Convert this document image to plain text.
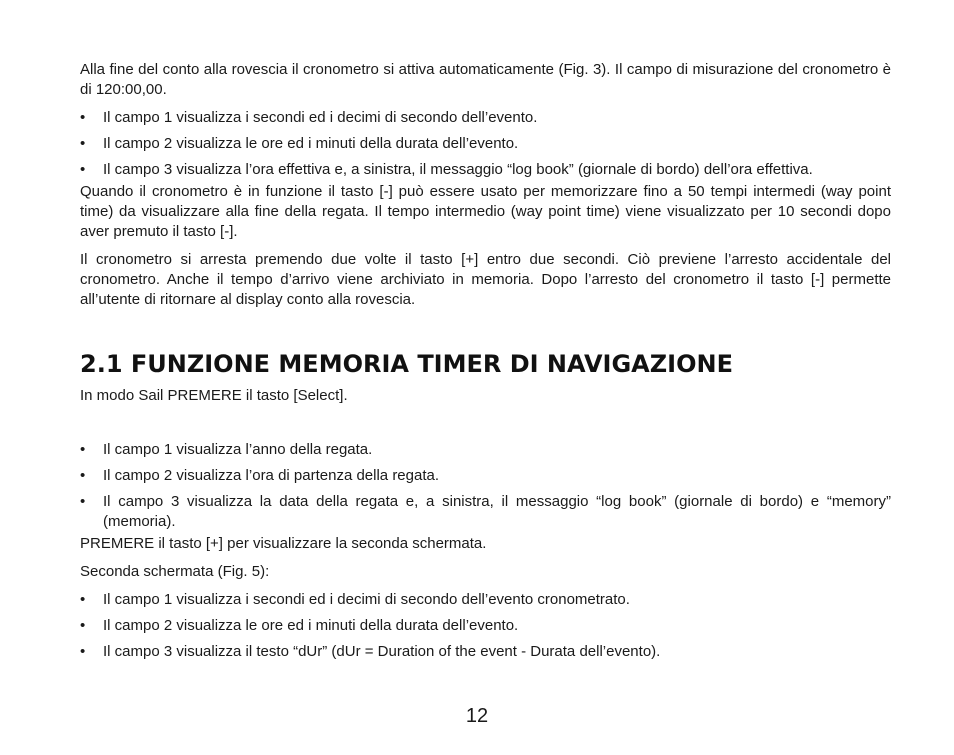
Alla fine del conto alla rovescia il cronometro si attiva automaticamente (Fig. 3). Il campo di misurazione del cronometro è di 120:00,00.

• Il campo 1 visualizza i secondi ed i decimi di secondo dell’evento.
• Il campo 2 visualizza le ore ed i minuti della durata dell’evento.
• Il campo 3 visualizza l’ora effettiva e, a sinistra, il messaggio “log book” (giornale di bordo) dell’ora effettiva.

Quando il cronometro è in funzione il tasto [-] può essere usato per memorizzare fino a 50 tempi intermedi (way point time) da visualizzare alla fine della regata. Il tempo intermedio (way point time) viene visualizzato per 10 secondi dopo aver premuto il tasto [-].

Il cronometro si arresta premendo due volte il tasto [+] entro due secondi. Ciò previene l’arresto accidentale del cronometro. Anche il tempo d’arrivo viene archiviato in memoria. Dopo l’arresto del cronometro il tasto [-] permette all’utente di ritornare al display conto alla rovescia.

2.1 FUNZIONE MEMORIA TIMER DI NAVIGAZIONE

In modo Sail PREMERE il tasto [Select].

• Il campo 1 visualizza l’anno della regata.
• Il campo 2 visualizza l’ora di partenza della regata.
• Il campo 3 visualizza la data della regata e, a sinistra, il messaggio “log book” (giornale di bordo) e “memory” (memoria).

PREMERE il tasto [+] per visualizzare la seconda schermata.

Seconda schermata (Fig. 5):

• Il campo 1 visualizza i secondi ed i decimi di secondo dell’evento cronometrato.
• Il campo 2 visualizza le ore ed i minuti della durata dell’evento.
• Il campo 3 visualizza il testo “dUr” (dUr = Duration of the event - Durata dell’evento).
12
